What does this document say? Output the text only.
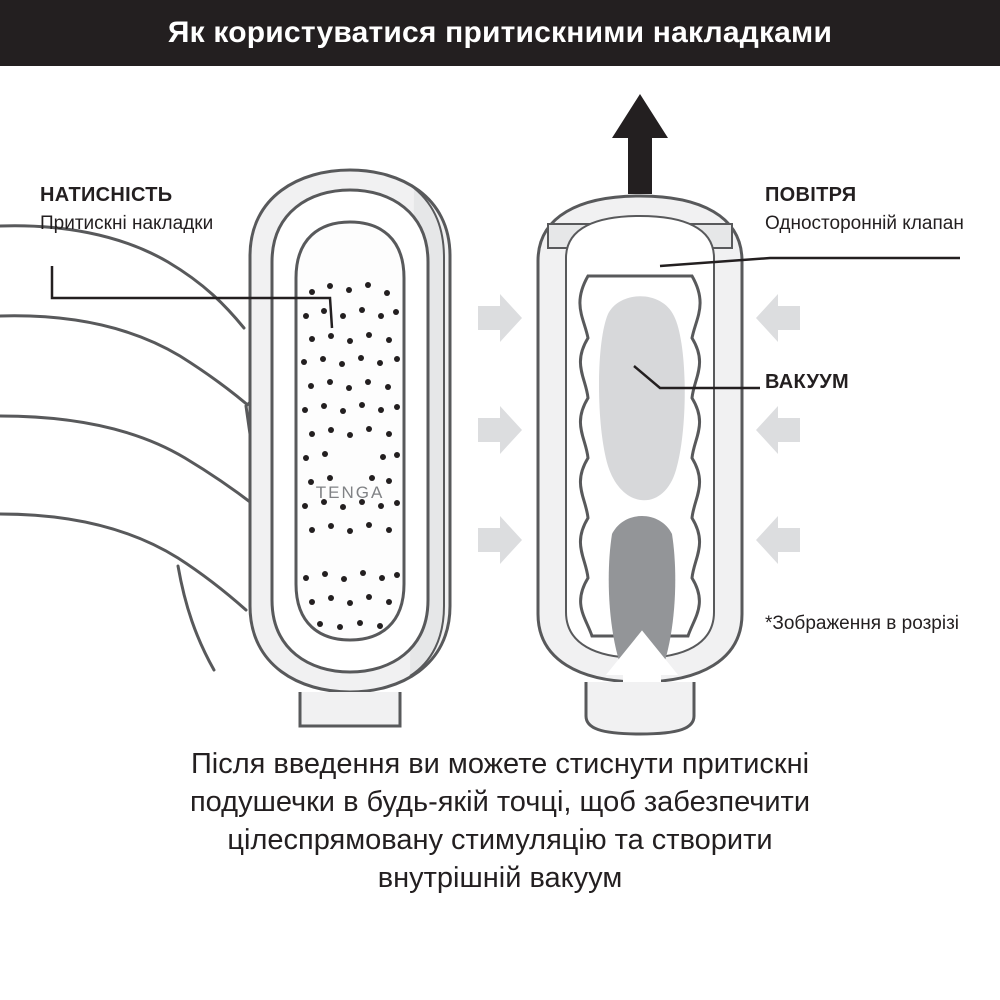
Як користуватися притискними накладками
TENGA
НАТИСНІСТЬ
Притискні накладки
ПОВІТРЯ
Односторонній клапан
ВАКУУМ
*Зображення в розрізі
Після введення ви можете стиснути притискні
подушечки в будь-якій точці, щоб забезпечити
цілеспрямовану стимуляцію та створити
внутрішній вакуум
